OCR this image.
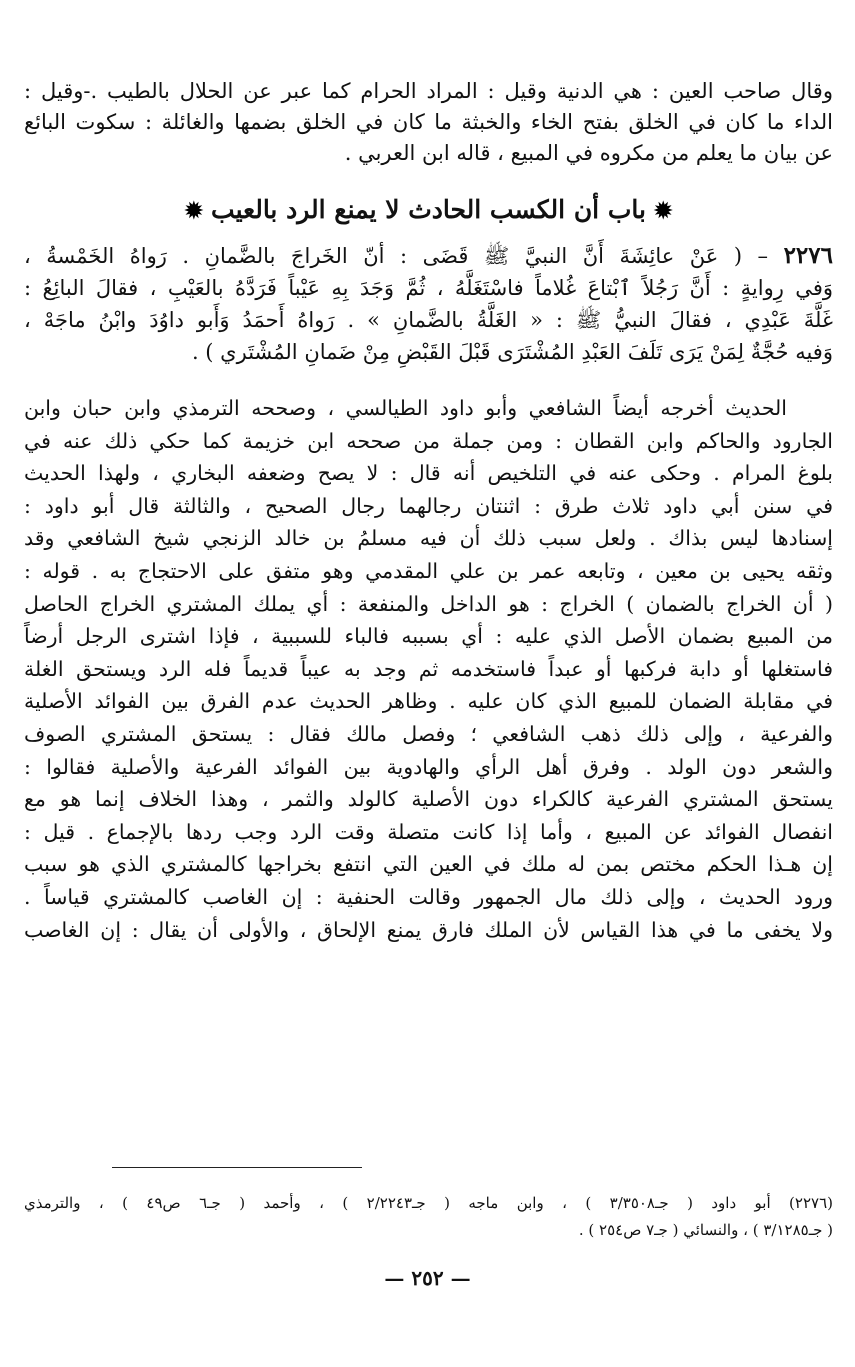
وقال صاحب العين : هي الدنية وقيل : المراد الحرام كما عبر عن الحلال بالطيب .-وقيل :
الداء ما كان في الخلق بفتح الخاء والخبثة ما كان في الخلق بضمها والغائلة : سكوت البائع
عن بيان ما يعلم من مكروه في المبيع ، قاله ابن العربي .
✹باب أن الكسب الحادث لا يمنع الرد بالعيب✹
٢٢٧٦ – ( عَنْ عائِشَةَ أَنَّ النبيَّ ﷺ قَضَى : أنّ الخَراجَ بالضَّمانِ . رَواهُ الخَمْسةُ ،
وَفي رِوايةٍ : أَنَّ رَجُلاً ٱبْتاعَ غُلاماً فاسْتَغَلَّهُ ، ثُمَّ وَجَدَ بِهِ عَيْباً فَرَدَّهُ بالعَيْبِ ، فقالَ البائِعُ :
غَلَّةَ عَبْدِي ، فقالَ النبيُّ ﷺ : « الغَلَّةُ بالضَّمانِ » . رَواهُ أَحمَدُ وَأَبو داوُدَ وابْنُ ماجَهْ ،
وَفيه حُجَّةٌ لِمَنْ يَرَى تَلَفَ العَبْدِ المُشْتَرَى قَبْلَ القَبْضِ مِنْ ضَمانِ المُشْتَري ) .
الحديث أخرجه أيضاً الشافعي وأبو داود الطيالسي ، وصححه الترمذي وابن حبان وابن
الجارود والحاكم وابن القطان : ومن جملة من صححه ابن خزيمة كما حكي ذلك عنه في
بلوغ المرام . وحكى عنه في التلخيص أنه قال : لا يصح وضعفه البخاري ، ولهذا الحديث
في سنن أبي داود ثلاث طرق : اثنتان رجالهما رجال الصحيح ، والثالثة قال أبو داود :
إسنادها ليس بذاك . ولعل سبب ذلك أن فيه مسلمُ بن خالد الزنجي شيخ الشافعي وقد
وثقه يحيى بن معين ، وتابعه عمر بن علي المقدمي وهو متفق على الاحتجاج به . قوله :
( أن الخراج بالضمان ) الخراج : هو الداخل والمنفعة : أي يملك المشتري الخراج الحاصل
من المبيع بضمان الأصل الذي عليه : أي بسببه فالباء للسببية ، فإذا اشترى الرجل أرضاً
فاستغلها أو دابة فركبها أو عبداً فاستخدمه ثم وجد به عيباً قديماً فله الرد ويستحق الغلة
في مقابلة الضمان للمبيع الذي كان عليه . وظاهر الحديث عدم الفرق بين الفوائد الأصلية
والفرعية ، وإلى ذلك ذهب الشافعي ؛ وفصل مالك فقال : يستحق المشتري الصوف
والشعر دون الولد . وفرق أهل الرأي والهادوية بين الفوائد الفرعية والأصلية فقالوا :
يستحق المشتري الفرعية كالكراء دون الأصلية كالولد والثمر ، وهذا الخلاف إنما هو مع
انفصال الفوائد عن المبيع ، وأما إذا كانت متصلة وقت الرد وجب ردها بالإجماع . قيل :
إن هـذا الحكم مختص بمن له ملك في العين التي انتفع بخراجها كالمشتري الذي هو سبب
ورود الحديث ، وإلى ذلك مال الجمهور وقالت الحنفية : إن الغاصب كالمشتري قياساً .
ولا يخفى ما في هذا القياس لأن الملك فارق يمنع الإلحاق ، والأولى أن يقال : إن الغاصب
(٢٢٧٦) أبو داود ( جـ٣/٣٥٠٨ ) ، وابن ماجه ( جـ٢/٢٢٤٣ ) ، وأحمد ( جـ٦ ص٤٩ ) ، والترمذي
( جـ٣/١٢٨٥ ) ، والنسائي ( جـ٧ ص٢٥٤ ) .
— ٢٥٢ —
